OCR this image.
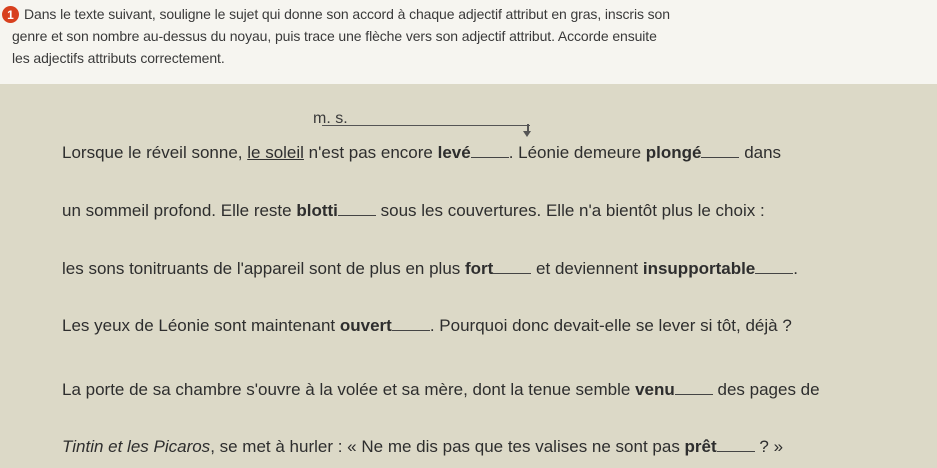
1 Dans le texte suivant, souligne le sujet qui donne son accord à chaque adjectif attribut en gras, inscris son
genre et son nombre au-dessus du noyau, puis trace une flèche vers son adjectif attribut. Accorde ensuite
les adjectifs attributs correctement.
m. s.
Lorsque le réveil sonne, le soleil n'est pas encore levé . Léonie demeure plongé dans
un sommeil profond. Elle reste blotti sous les couvertures. Elle n'a bientôt plus le choix :
les sons tonitruants de l'appareil sont de plus en plus fort et deviennent insupportable .
Les yeux de Léonie sont maintenant ouvert . Pourquoi donc devait-elle se lever si tôt, déjà ?
La porte de sa chambre s'ouvre à la volée et sa mère, dont la tenue semble venu des pages de
Tintin et les Picaros, se met à hurler : « Ne me dis pas que tes valises ne sont pas prêt ? »
